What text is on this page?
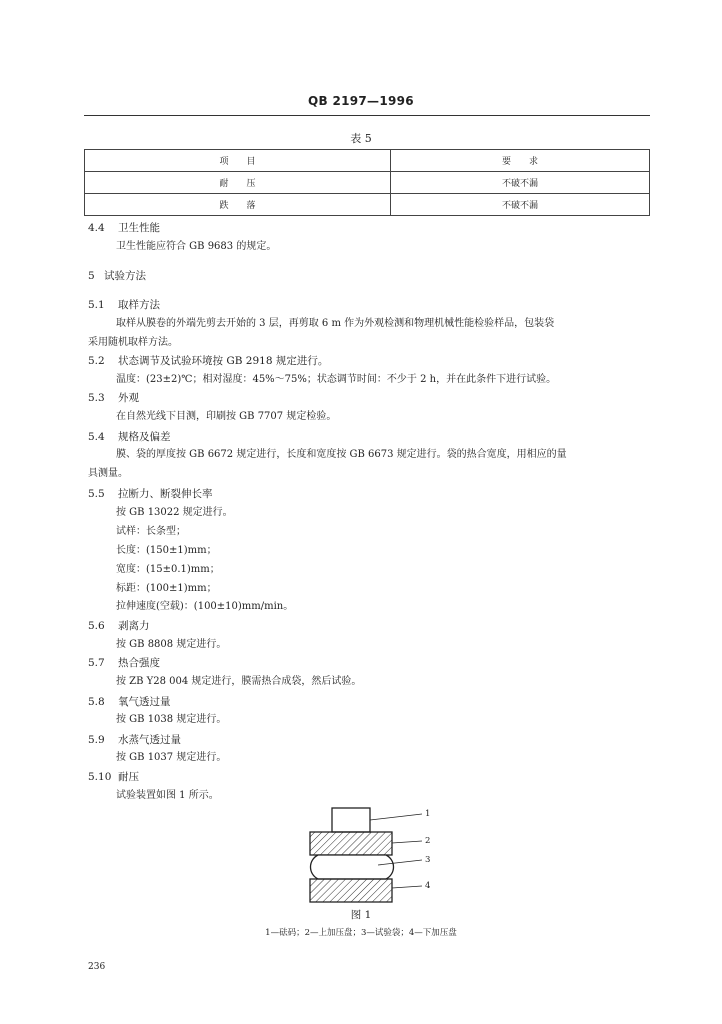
QB 2197—1996
表 5
项　　目	要　　求
耐　　压	不破不漏
跌　　落	不破不漏
4.4 卫生性能
卫生性能应符合 GB 9683 的规定。
5 试验方法
5.1 取样方法
取样从膜卷的外端先剪去开始的 3 层，再剪取 6 m 作为外观检测和物理机械性能检验样品，包装袋
采用随机取样方法。
5.2 状态调节及试验环境按 GB 2918 规定进行。
温度：(23±2)℃；相对湿度：45%～75%；状态调节时间：不少于 2 h，并在此条件下进行试验。
5.3 外观
在自然光线下目测，印刷按 GB 7707 规定检验。
5.4 规格及偏差
膜、袋的厚度按 GB 6672 规定进行，长度和宽度按 GB 6673 规定进行。袋的热合宽度，用相应的量
具测量。
5.5 拉断力、断裂伸长率
按 GB 13022 规定进行。
试样：长条型；
长度：(150±1)mm；
宽度：(15±0.1)mm；
标距：(100±1)mm；
拉伸速度(空载)：(100±10)mm/min。
5.6 剥离力
按 GB 8808 规定进行。
5.7 热合强度
按 ZB Y28 004 规定进行，膜需热合成袋，然后试验。
5.8 氧气透过量
按 GB 1038 规定进行。
5.9 水蒸气透过量
按 GB 1037 规定进行。
5.10 耐压
试验装置如图 1 所示。
1
2
3
4
图 1
1—砝码；2—上加压盘；3—试验袋；4—下加压盘
236
